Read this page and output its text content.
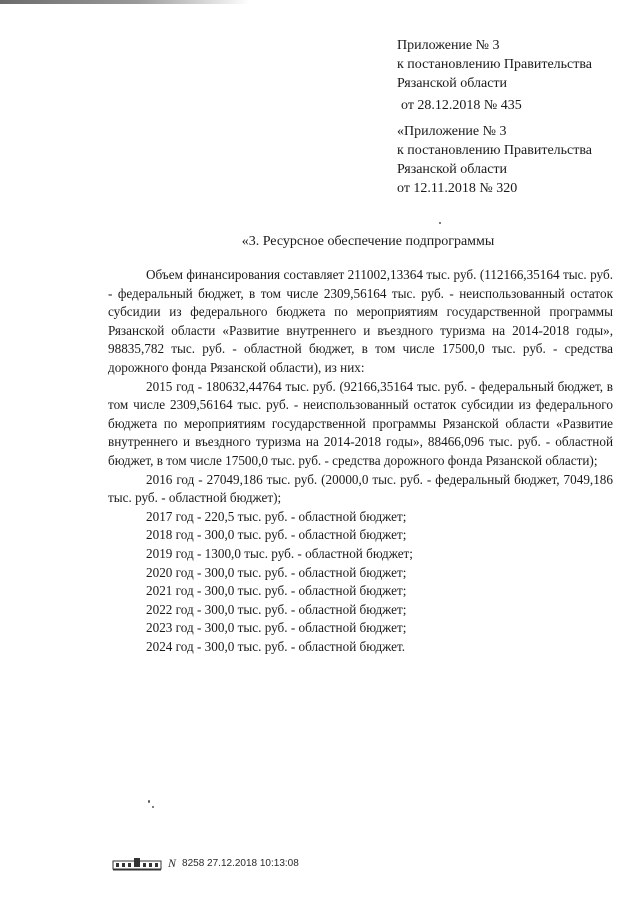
Приложение № 3
к постановлению Правительства
Рязанской области
от 28.12.2018 № 435
«Приложение № 3
к постановлению Правительства
Рязанской области
от 12.11.2018 № 320
«3. Ресурсное обеспечение подпрограммы

Объем финансирования составляет 211002,13364 тыс. руб. (112166,35164 тыс. руб. - федеральный бюджет, в том числе 2309,56164 тыс. руб. - неиспользованный остаток субсидии из федерального бюджета по мероприятиям государственной программы Рязанской области «Развитие внутреннего и въездного туризма на 2014-2018 годы», 98835,782 тыс. руб. - областной бюджет, в том числе 17500,0 тыс. руб. - средства дорожного фонда Рязанской области), из них:

2015 год - 180632,44764 тыс. руб. (92166,35164 тыс. руб. - федеральный бюджет, в том числе 2309,56164 тыс. руб. - неиспользованный остаток субсидии из федерального бюджета по мероприятиям государственной программы Рязанской области «Развитие внутреннего и въездного туризма на 2014-2018 годы», 88466,096 тыс. руб. - областной бюджет, в том числе 17500,0 тыс. руб. - средства дорожного фонда Рязанской области);

2016 год - 27049,186 тыс. руб. (20000,0 тыс. руб. - федеральный бюджет, 7049,186 тыс. руб. - областной бюджет);

2017 год - 220,5 тыс. руб. - областной бюджет;
2018 год - 300,0 тыс. руб. - областной бюджет;
2019 год - 1300,0 тыс. руб. - областной бюджет;
2020 год - 300,0 тыс. руб. - областной бюджет;
2021 год - 300,0 тыс. руб. - областной бюджет;
2022 год - 300,0 тыс. руб. - областной бюджет;
2023 год - 300,0 тыс. руб. - областной бюджет;
2024 год - 300,0 тыс. руб. - областной бюджет.
N 8258 27.12.2018 10:13:08
